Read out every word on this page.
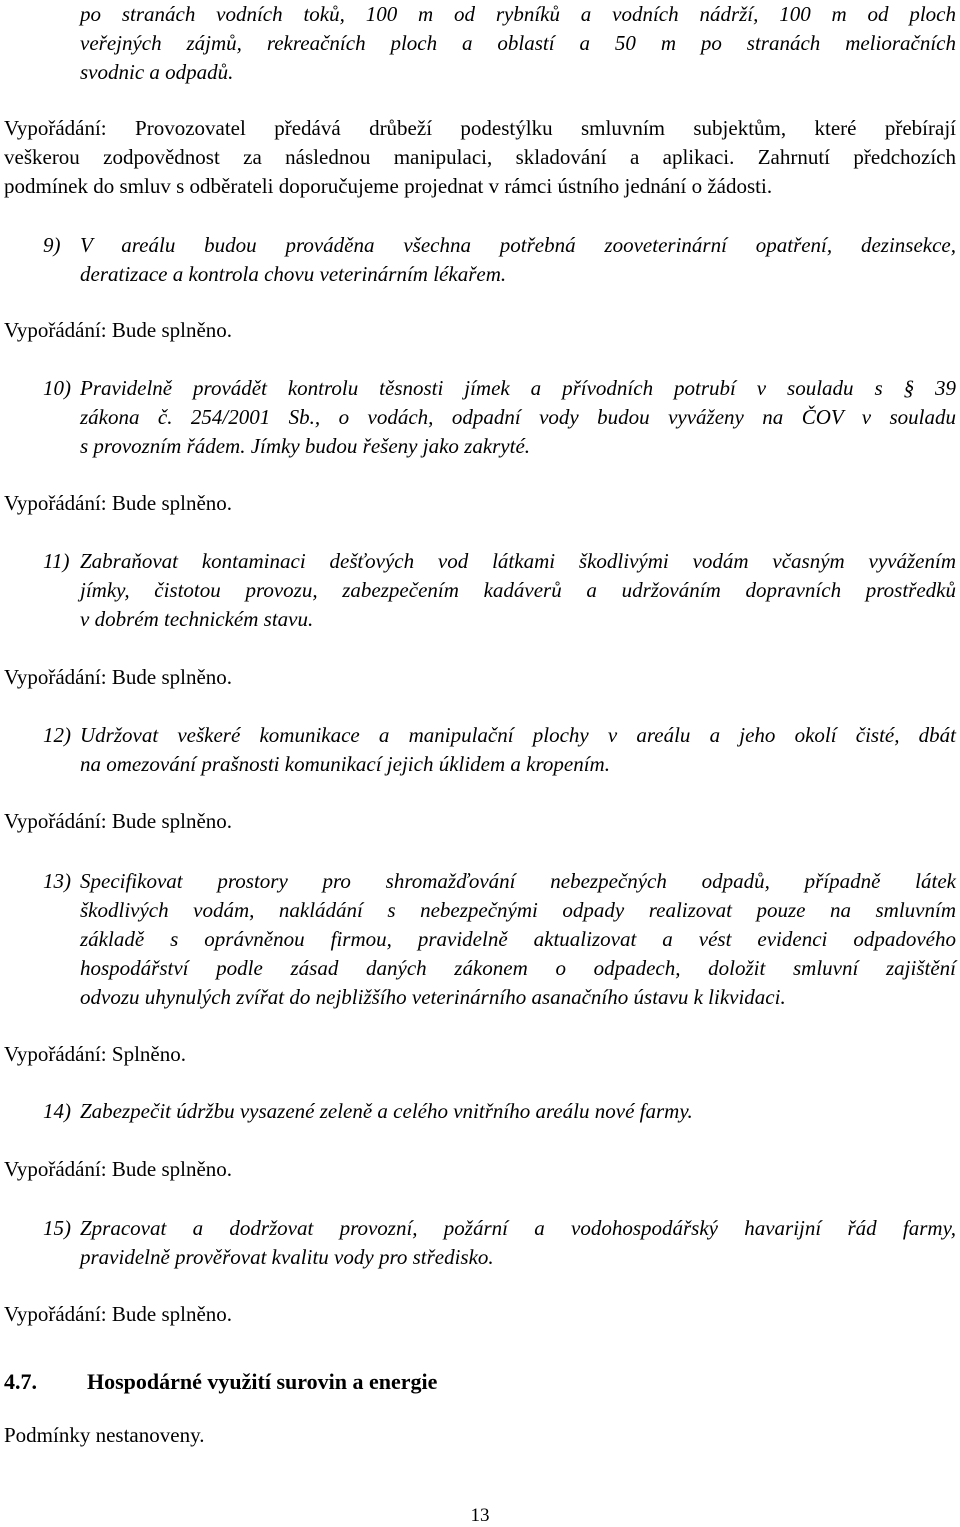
po stranách vodních toků, 100 m od rybníků a vodních nádrží, 100 m od ploch
veřejných zájmů, rekreačních ploch a oblastí a 50 m po stranách melioračních
svodnic a odpadů.
Vypořádání: Provozovatel předává drůbeží podestýlku smluvním subjektům, které přebírají
veškerou zodpovědnost za následnou manipulaci, skladování a aplikaci. Zahrnutí předchozích
podmínek do smluv s odběrateli doporučujeme projednat v rámci ústního jednání o žádosti.
9) V areálu budou prováděna všechna potřebná zooveterinární opatření, dezinsekce,
deratizace a kontrola chovu veterinárním lékařem.
Vypořádání: Bude splněno.
10) Pravidelně provádět kontrolu těsnosti jímek a přívodních potrubí v souladu s § 39
zákona č. 254/2001 Sb., o vodách, odpadní vody budou vyváženy na ČOV v souladu
s provozním řádem. Jímky budou řešeny jako zakryté.
Vypořádání: Bude splněno.
11) Zabraňovat kontaminaci dešťových vod látkami škodlivými vodám včasným vyvážením
jímky, čistotou provozu, zabezpečením kadáverů a udržováním dopravních prostředků
v dobrém technickém stavu.
Vypořádání: Bude splněno.
12) Udržovat veškeré komunikace a manipulační plochy v areálu a jeho okolí čisté, dbát
na omezování prašnosti komunikací jejich úklidem a kropením.
Vypořádání: Bude splněno.
13) Specifikovat prostory pro shromažďování nebezpečných odpadů, případně látek
škodlivých vodám, nakládání s nebezpečnými odpady realizovat pouze na smluvním
základě s oprávněnou firmou, pravidelně aktualizovat a vést evidenci odpadového
hospodářství podle zásad daných zákonem o odpadech, doložit smluvní zajištění
odvozu uhynulých zvířat do nejbližšího veterinárního asanačního ústavu k likvidaci.
Vypořádání: Splněno.
14) Zabezpečit údržbu vysazené zeleně a celého vnitřního areálu nové farmy.
Vypořádání: Bude splněno.
15) Zpracovat a dodržovat provozní, požární a vodohospodářský havarijní řád farmy,
pravidelně prověřovat kvalitu vody pro středisko.
Vypořádání: Bude splněno.
4.7. Hospodárné využití surovin a energie
Podmínky nestanoveny.
13
